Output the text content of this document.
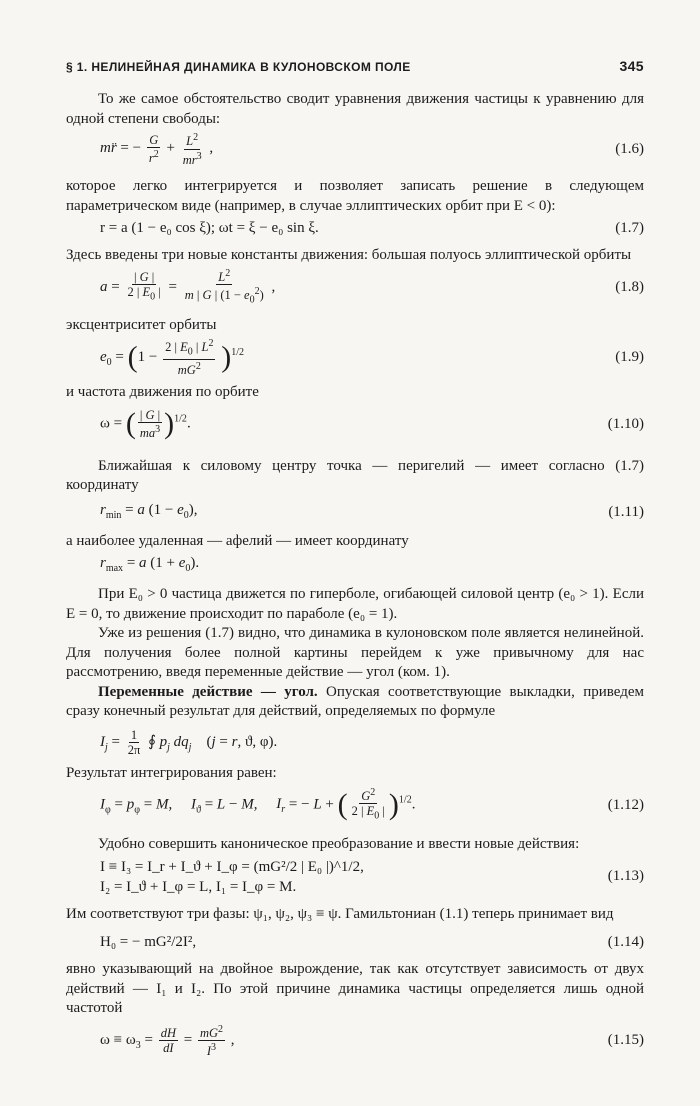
§ 1. НЕЛИНЕЙНАЯ ДИНАМИКА В КУЛОНОВСКОМ ПОЛЕ	345

То же самое обстоятельство сводит уравнения движения частицы к уравнению для одной степени свободы:

mr̈ = − $\frac{G}{r^2} + \frac{L^2}{mr^3}$ ,	(1.6)

которое легко интегрируется и позволяет записать решение в следующем параметрическом виде (например, в случае эллиптических орбит при E < 0):

r = a (1 − e₀ cos ξ); ωt = ξ − e₀ sin ξ.	(1.7)

Здесь введены три новые константы движения: большая полуось эллиптической орбиты

$a = \frac{| G |}{2 | E_0 |} = \frac{L^2}{m | G | (1 - e_0^2)}$ ,	(1.8)

эксцентриситет орбиты

$e_0 = (1 - \frac{2 | E_0 | L^2}{mG^2} )^{1/2}$	(1.9)

и частота движения по орбите

ω = ( $\frac{| G |}{ma^3} )^{1/2}$.	(1.10)

Ближайшая к силовому центру точка — перигелий — имеет согласно (1.7) координату

$r_{min} = a$ $(1 - e_0)$,	(1.11)

а наиболее удаленная — афелий — имеет координату

$r_{max} = a$ $(1 + e_0)$.

При E₀ > 0 частица движется по гиперболе, огибающей силовой центр (e₀ > 1). Если E = 0, то движение происходит по параболе (e₀ = 1).

Уже из решения (1.7) видно, что динамика в кулоновском поле является нелинейной. Для получения более полной картины перейдем к уже привычному для нас рассмотрению, введя переменные действие — угол (ком. 1).

Переменные действие — угол. Опуская соответствующие выкладки, приведем сразу конечный результат для действий, определяемых по формуле

$I_j = \frac{1}{2\pi}$ ∮ $p_j$ $dq_j$    (j = r, ϑ, φ).

Результат интегрирования равен:

$I_\varphi = p_\varphi = M$,     $I_ϑ = L - M$,     $I_r$ = − L + ( $\frac{G^2}{2 | E_0 |} )^{1/2}$.	(1.12)

Удобно совершить каноническое преобразование и ввести новые действия:

I ≡ I₃ = I_r + I_ϑ + I_φ = (mG²/2 | E₀ |)^1/2,
I₂ = I_ϑ + I_φ = L, I₁ = I_φ = M.
(1.13)

Им соответствуют три фазы: ψ₁, ψ₂, ψ₃ ≡ ψ. Гамильтониан (1.1) теперь принимает вид

H₀ = − mG²/2I²,	(1.14)

явно указывающий на двойное вырождение, так как отсутствует зависимость от двух действий — I₁ и I₂. По этой причине динамика частицы определяется лишь одной частотой

$\omega \equiv \omega_3 = \frac{dH}{dI} = \frac{mG^2}{I^3}$ ,	(1.15)
